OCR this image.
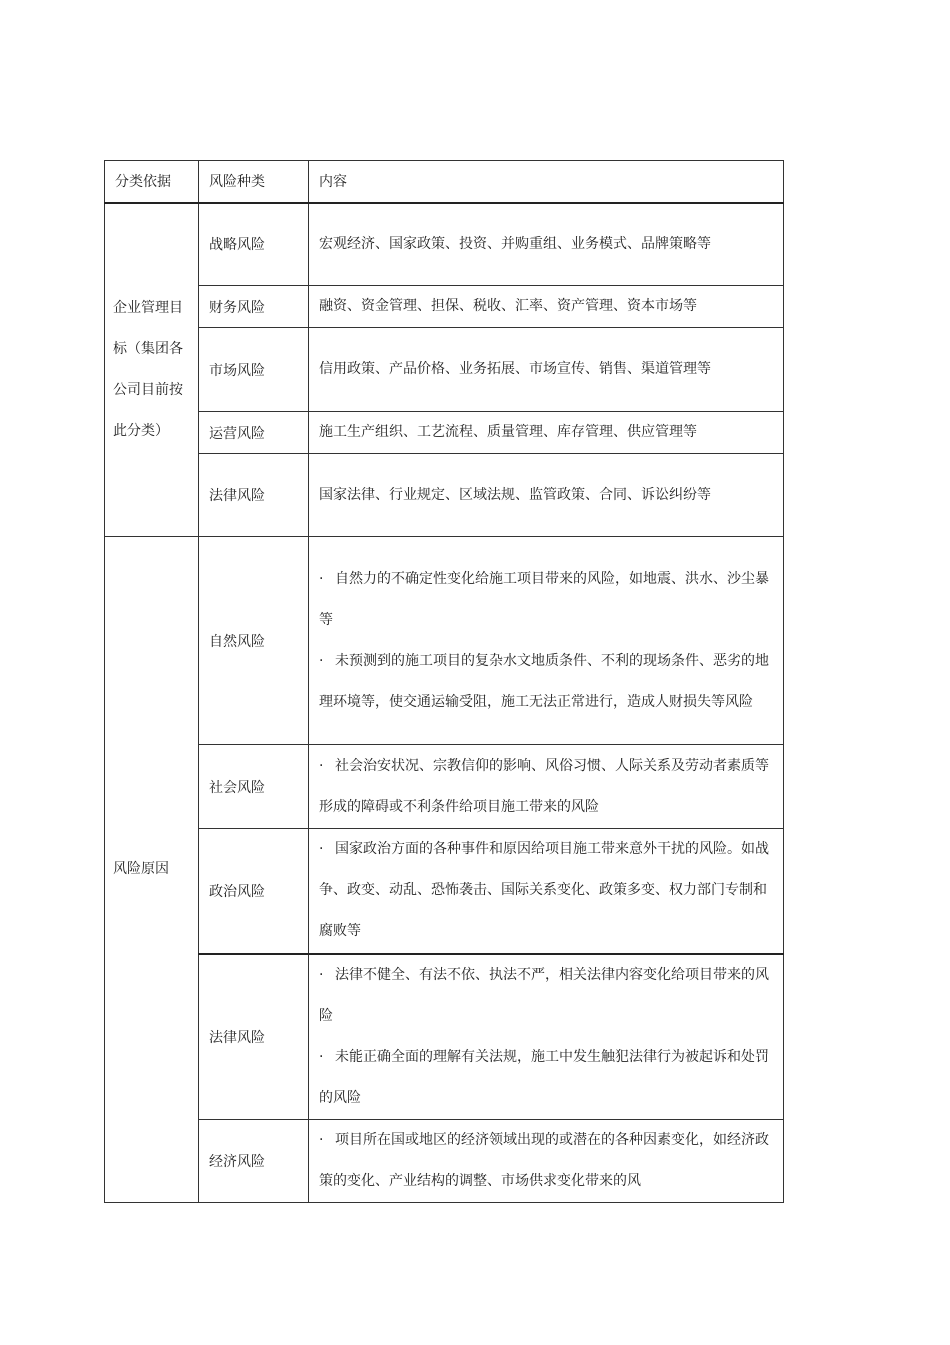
分类依据	风险种类	内容
企业管理目标（集团各公司目前按此分类）	战略风险	宏观经济、国家政策、投资、并购重组、业务模式、品牌策略等
	财务风险	融资、资金管理、担保、税收、汇率、资产管理、资本市场等
	市场风险	信用政策、产品价格、业务拓展、市场宣传、销售、渠道管理等
	运营风险	施工生产组织、工艺流程、质量管理、库存管理、供应管理等
	法律风险	国家法律、行业规定、区域法规、监管政策、合同、诉讼纠纷等
风险原因	自然风险	· 自然力的不确定性变化给施工项目带来的风险，如地震、洪水、沙尘暴等
· 未预测到的施工项目的复杂水文地质条件、不利的现场条件、恶劣的地理环境等，使交通运输受阻，施工无法正常进行，造成人财损失等风险

	社会风险	· 社会治安状况、宗教信仰的影响、风俗习惯、人际关系及劳动者素质等形成的障碍或不利条件给项目施工带来的风险

	政治风险	· 国家政治方面的各种事件和原因给项目施工带来意外干扰的风险。如战争、政变、动乱、恐怖袭击、国际关系变化、政策多变、权力部门专制和腐败等

	法律风险	· 法律不健全、有法不依、执法不严，相关法律内容变化给项目带来的风险
· 未能正确全面的理解有关法规，施工中发生触犯法律行为被起诉和处罚的风险

	经济风险	· 项目所在国或地区的经济领域出现的或潜在的各种因素变化，如经济政策的变化、产业结构的调整、市场供求变化带来的风
